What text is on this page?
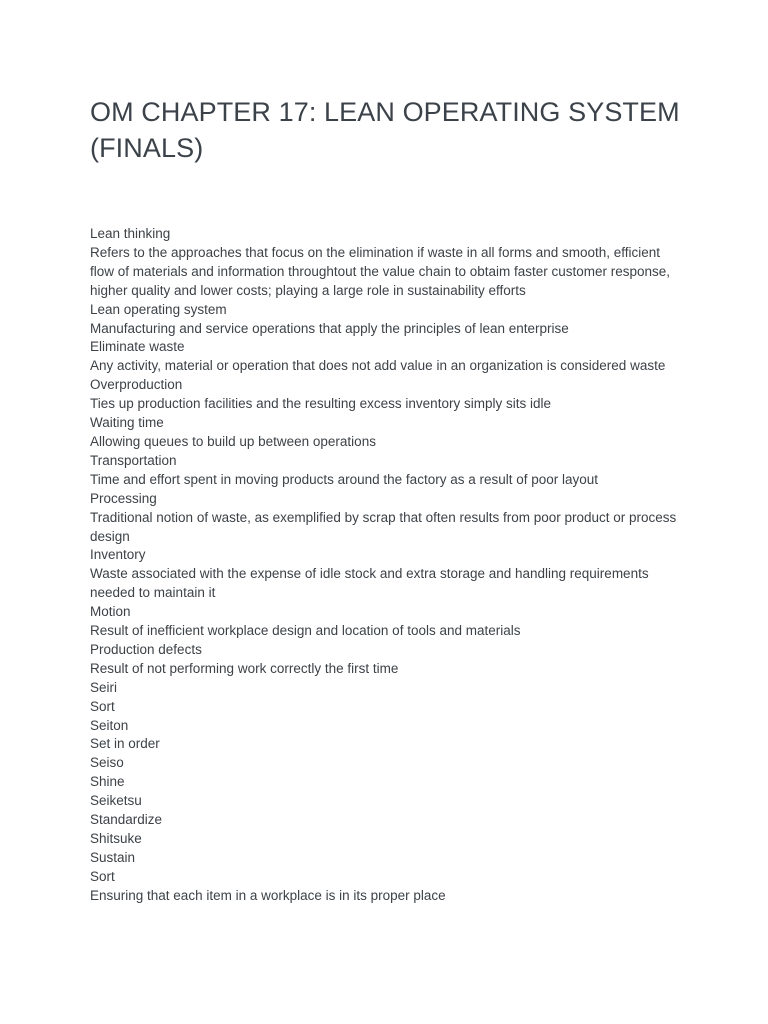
OM CHAPTER 17: LEAN OPERATING SYSTEM (FINALS)

Lean thinking

Refers to the approaches that focus on the elimination if waste in all forms and smooth, efficient flow of materials and information throughtout the value chain to obtaim faster customer response, higher quality and lower costs; playing a large role in sustainability efforts

Lean operating system

Manufacturing and service operations that apply the principles of lean enterprise

Eliminate waste

Any activity, material or operation that does not add value in an organization is considered waste

Overproduction

Ties up production facilities and the resulting excess inventory simply sits idle

Waiting time

Allowing queues to build up between operations

Transportation

Time and effort spent in moving products around the factory as a result of poor layout

Processing

Traditional notion of waste, as exemplified by scrap that often results from poor product or process design

Inventory

Waste associated with the expense of idle stock and extra storage and handling requirements needed to maintain it

Motion

Result of inefficient workplace design and location of tools and materials

Production defects

Result of not performing work correctly the first time

Seiri

Sort

Seiton

Set in order

Seiso

Shine

Seiketsu

Standardize

Shitsuke

Sustain

Sort

Ensuring that each item in a workplace is in its proper place
